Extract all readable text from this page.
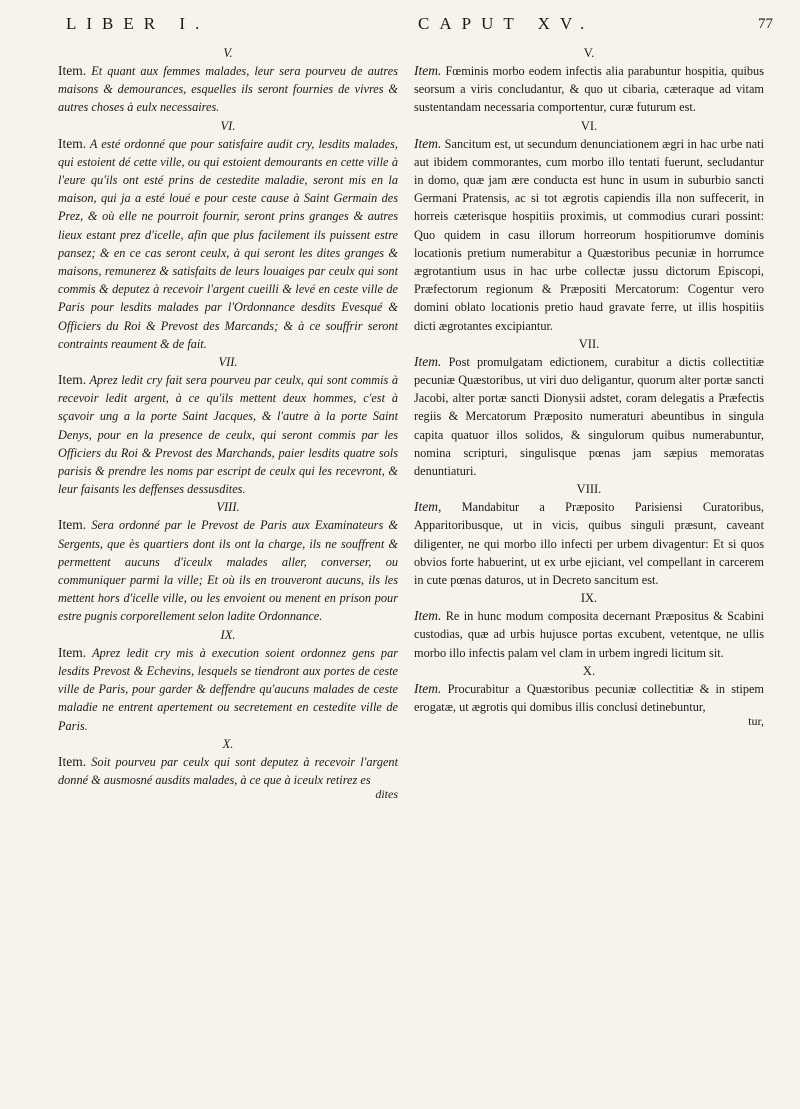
LIBER I.	CAPUT XV.	77
V.

Item. Et quant aux femmes malades, leur sera pourveu de autres maisons & demourances, esquelles ils seront fournies de vivres & autres choses à eulx necessaires.

VI.

Item. A esté ordonné que pour satisfaire audit cry, lesdits malades, qui estoient dé cette ville, ou qui estoient demourants en cette ville à l'eure qu'ils ont esté prins de cestedite maladie, seront mis en la maison, qui ja a esté loué e pour ceste cause à Saint Germain des Prez, & où elle ne pourroit fournir, seront prins granges & autres lieux estant prez d'icelle, afin que plus facilement ils puissent estre pansez; & en ce cas seront ceulx, à qui seront les dites granges & maisons, remunerez & satisfaits de leurs louaiges par ceulx qui sont commis & deputez à recevoir l'argent cueilli & levé en ceste ville de Paris pour lesdits malades par l'Ordonnance desdits Evesqué & Officiers du Roi & Prevost des Marcands; & à ce souffrir seront contraints reaument & de fait.

VII.

Item. Aprez ledit cry fait sera pourveu par ceulx, qui sont commis à recevoir ledit argent, à ce qu'ils mettent deux hommes, c'est à sçavoir ung a la porte Saint Jacques, & l'autre à la porte Saint Denys, pour en la presence de ceulx, qui seront commis par les Officiers du Roi & Prevost des Marchands, paier lesdits quatre sols parisis & prendre les noms par escript de ceulx qui les recevront, & leur faisants les deffenses dessusdites.

VIII.

Item. Sera ordonné par le Prevost de Paris aux Examinateurs & Sergents, que ès quartiers dont ils ont la charge, ils ne souffrent & permettent aucuns d'iceulx malades aller, converser, ou communiquer parmi la ville; Et où ils en trouveront aucuns, ils les mettent hors d'icelle ville, ou les envoient ou menent en prison pour estre pugnis corporellement selon ladite Ordonnance.

IX.

Item. Aprez ledit cry mis à execution soient ordonnez gens par lesdits Prevost & Echevins, lesquels se tiendront aux portes de ceste ville de Paris, pour garder & deffendre qu'aucuns malades de ceste maladie ne entrent apertement ou secretement en cestedite ville de Paris.

X.

Item. Soit pourveu par ceulx qui sont deputez à recevoir l'argent donné & ausmosné ausdits malades, à ce que à iceulx retirez es

dites
V.

Item. Fœminis morbo eodem infectis alia parabuntur hospitia, quibus seorsum a viris concludantur, & quo ut cibaria, cæteraque ad vitam sustentandam necessaria comportentur, curæ futurum est.

VI.

Item. Sancitum est, ut secundum denunciationem ægri in hac urbe nati aut ibidem commorantes, cum morbo illo tentati fuerunt, secludantur in domo, quæ jam ære conducta est hunc in usum in suburbio sancti Germani Pratensis, ac si tot ægrotis capiendis illa non suffecerit, in horreis cæterisque hospitiis proximis, ut commodius curari possint: Quo quidem in casu illorum horreorum hospitiorumve dominis locationis pretium numerabitur a Quæstoribus pecuniæ in horrumce ægrotantium usus in hac urbe collectæ jussu dictorum Episcopi, Præfectorum regionum & Præpositi Mercatorum: Cogentur vero domini oblato locationis pretio haud gravate ferre, ut illis hospitiis dicti ægrotantes excipiantur.

VII.

Item. Post promulgatam edictionem, curabitur a dictis collectitiæ pecuniæ Quæstoribus, ut viri duo deligantur, quorum alter portæ sancti Jacobi, alter portæ sancti Dionysii adstet, coram delegatis a Præfectis regiis & Mercatorum Præposito numeraturi abeuntibus in singula capita quatuor illos solidos, & singulorum quibus numerabuntur, nomina scripturi, singulisque pœnas jam sæpius memoratas denuntiaturi.

VIII.

Item, Mandabitur a Præposito Parisiensi Curatoribus, Apparitoribusque, ut in vicis, quibus singuli præsunt, caveant diligenter, ne qui morbo illo infecti per urbem divagentur: Et si quos obvios forte habuerint, ut ex urbe ejiciant, vel compellant in carcerem in cute pœnas daturos, ut in Decreto sancitum est.

IX.

Item. Re in hunc modum composita decernant Præpositus & Scabini custodias, quæ ad urbis hujusce portas excubent, vetentque, ne ullis morbo illo infectis palam vel clam in urbem ingredi licitum sit.

X.

Item. Procurabitur a Quæstoribus pecuniæ collectitiæ & in stipem erogatæ, ut ægrotis qui domibus illis conclusi detinebuntur,

tur,
